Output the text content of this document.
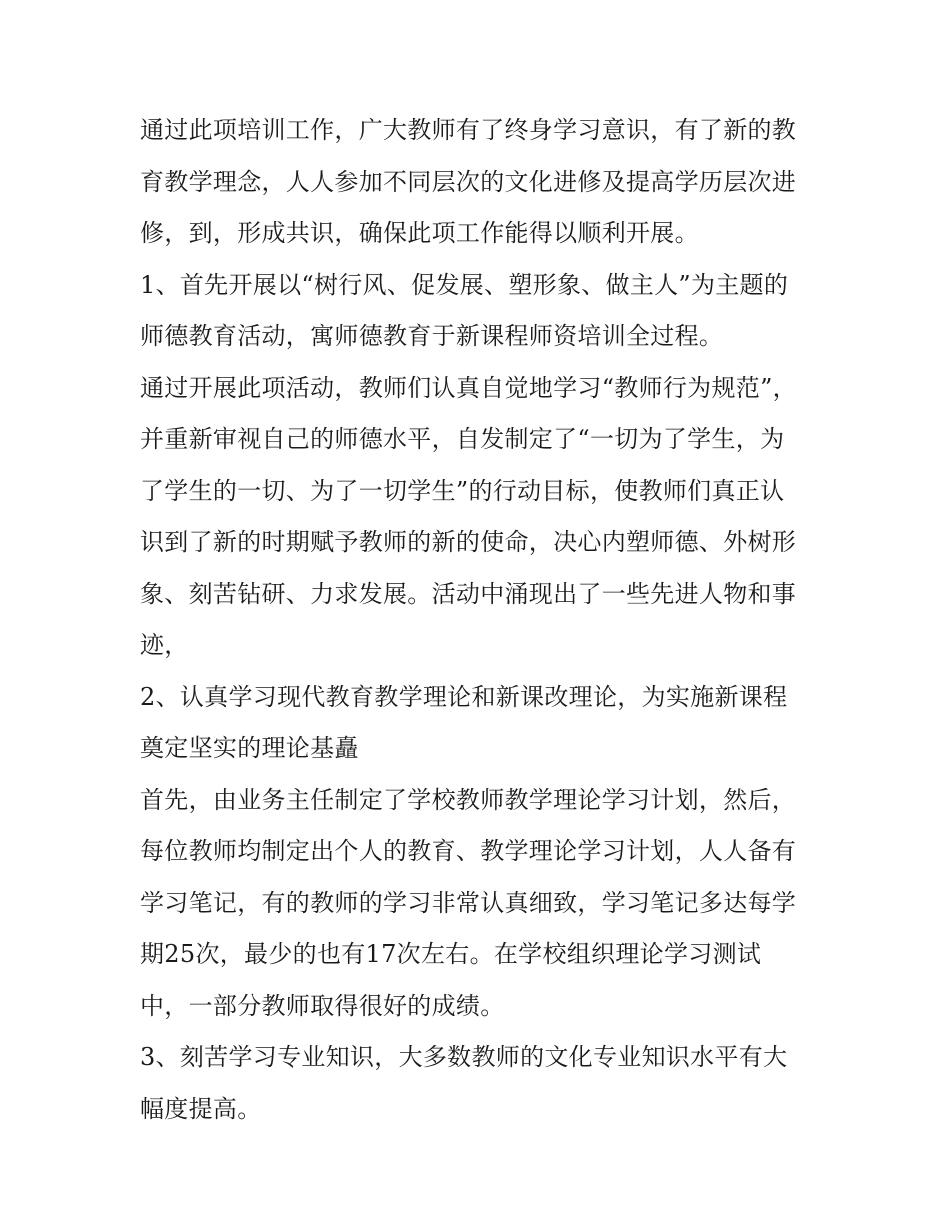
通过此项培训工作，广大教师有了终身学习意识，有了新的教
育教学理念，人人参加不同层次的文化进修及提高学历层次进
修，到，形成共识，确保此项工作能得以顺利开展。
1、首先开展以“树行风、促发展、塑形象、做主人”为主题的
师德教育活动，寓师德教育于新课程师资培训全过程。
通过开展此项活动，教师们认真自觉地学习“教师行为规范”，
并重新审视自己的师德水平，自发制定了“一切为了学生，为
了学生的一切、为了一切学生”的行动目标，使教师们真正认
识到了新的时期赋予教师的新的使命，决心内塑师德、外树形
象、刻苦钻研、力求发展。活动中涌现出了一些先进人物和事
迹，
2、认真学习现代教育教学理论和新课改理论，为实施新课程
奠定坚实的理论基矗
首先，由业务主任制定了学校教师教学理论学习计划，然后，
每位教师均制定出个人的教育、教学理论学习计划，人人备有
学习笔记，有的教师的学习非常认真细致，学习笔记多达每学
期25次，最少的也有17次左右。在学校组织理论学习测试
中，一部分教师取得很好的成绩。
3、刻苦学习专业知识，大多数教师的文化专业知识水平有大
幅度提高。
